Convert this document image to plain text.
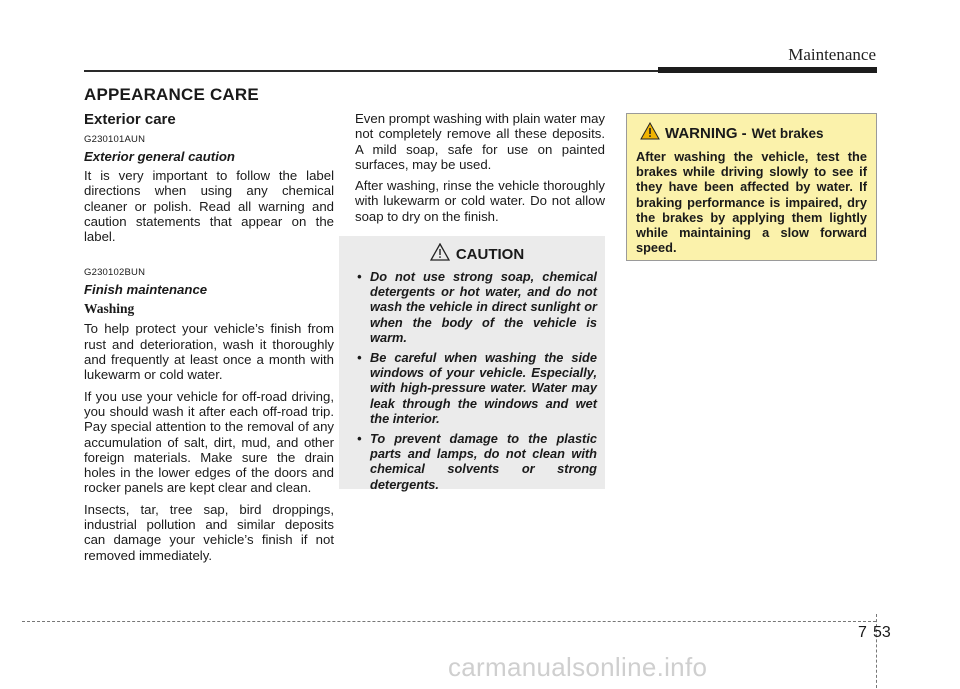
Maintenance
APPEARANCE CARE
Exterior care
G230101AUN
Exterior general caution

It is very important to follow the label directions when using any chemical cleaner or polish. Read all warning and caution statements that appear on the label.

G230102BUN
Finish maintenance
Washing

To help protect your vehicle’s finish from rust and deterioration, wash it thoroughly and frequently at least once a month with lukewarm or cold water.

If you use your vehicle for off-road driving, you should wash it after each off-road trip. Pay special attention to the removal of any accumulation of salt, dirt, mud, and other foreign materials. Make sure the drain holes in the lower edges of the doors and rocker panels are kept clear and clean.

Insects, tar, tree sap, bird droppings, industrial pollution and similar deposits can damage your vehicle’s finish if not removed immediately.

Even prompt washing with plain water may not completely remove all these deposits. A mild soap, safe for use on painted surfaces, may be used.

After washing, rinse the vehicle thoroughly with lukewarm or cold water. Do not allow soap to dry on the finish.

CAUTION
• Do not use strong soap, chemical detergents or hot water, and do not wash the vehicle in direct sunlight or when the body of the vehicle is warm.
• Be careful when washing the side windows of your vehicle. Especially, with high-pressure water. Water may leak through the windows and wet the interior.
• To prevent damage to the plastic parts and lamps, do not clean with chemical solvents or strong detergents.
WARNING - Wet brakes

After washing the vehicle, test the brakes while driving slowly to see if they have been affected by water. If braking performance is impaired, dry the brakes by applying them lightly while maintaining a slow forward speed.

7 53
carmanualsonline.info
